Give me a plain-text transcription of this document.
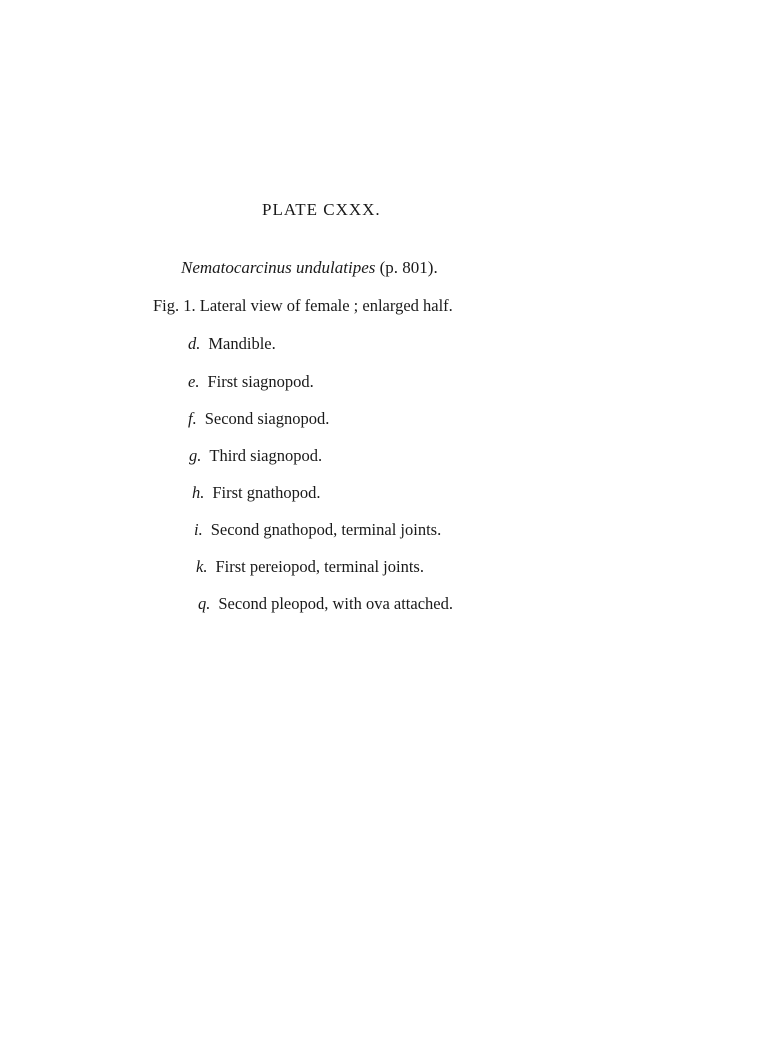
PLATE CXXX.
Nematocarcinus undulatipes (p. 801).
Fig. 1. Lateral view of female ; enlarged half.
d. Mandible.
e. First siagnopod.
f. Second siagnopod.
g. Third siagnopod.
h. First gnathopod.
i. Second gnathopod, terminal joints.
k. First pereiopod, terminal joints.
q. Second pleopod, with ova attached.
